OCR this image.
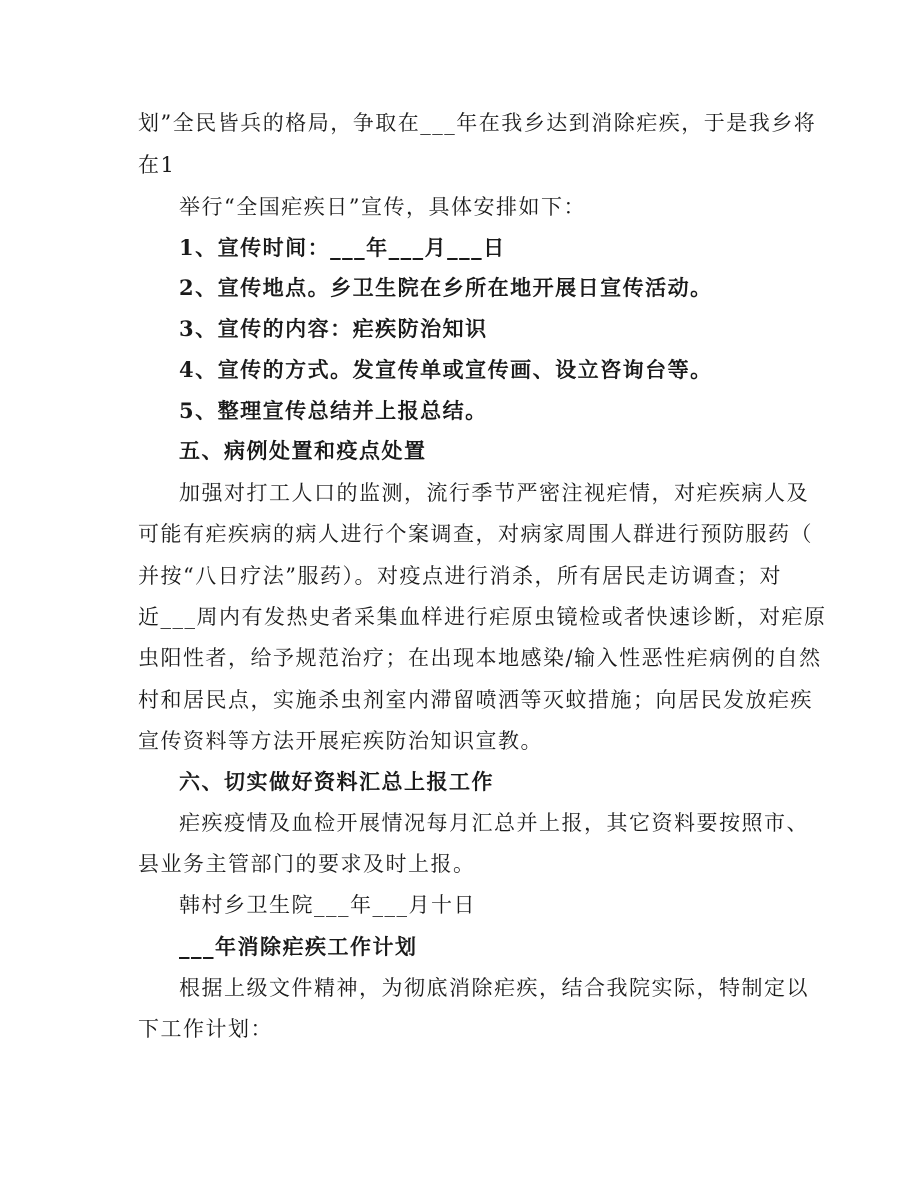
划”全民皆兵的格局，争取在___年在我乡达到消除疟疾，于是我乡将
在1
举行“全国疟疾日”宣传，具体安排如下：
1、宣传时间：___年___月___日
2、宣传地点。乡卫生院在乡所在地开展日宣传活动。
3、宣传的内容：疟疾防治知识
4、宣传的方式。发宣传单或宣传画、设立咨询台等。
5、整理宣传总结并上报总结。
五、病例处置和疫点处置
加强对打工人口的监测，流行季节严密注视疟情，对疟疾病人及
可能有疟疾病的病人进行个案调查，对病家周围人群进行预防服药（
并按“八日疗法”服药）。对疫点进行消杀，所有居民走访调查；对
近___周内有发热史者采集血样进行疟原虫镜检或者快速诊断，对疟原
虫阳性者，给予规范治疗；在出现本地感染/输入性恶性疟病例的自然
村和居民点，实施杀虫剂室内滞留喷洒等灭蚊措施；向居民发放疟疾
宣传资料等方法开展疟疾防治知识宣教。
六、切实做好资料汇总上报工作
疟疾疫情及血检开展情况每月汇总并上报，其它资料要按照市、
县业务主管部门的要求及时上报。
韩村乡卫生院___年___月十日
___年消除疟疾工作计划
根据上级文件精神，为彻底消除疟疾，结合我院实际，特制定以
下工作计划：
